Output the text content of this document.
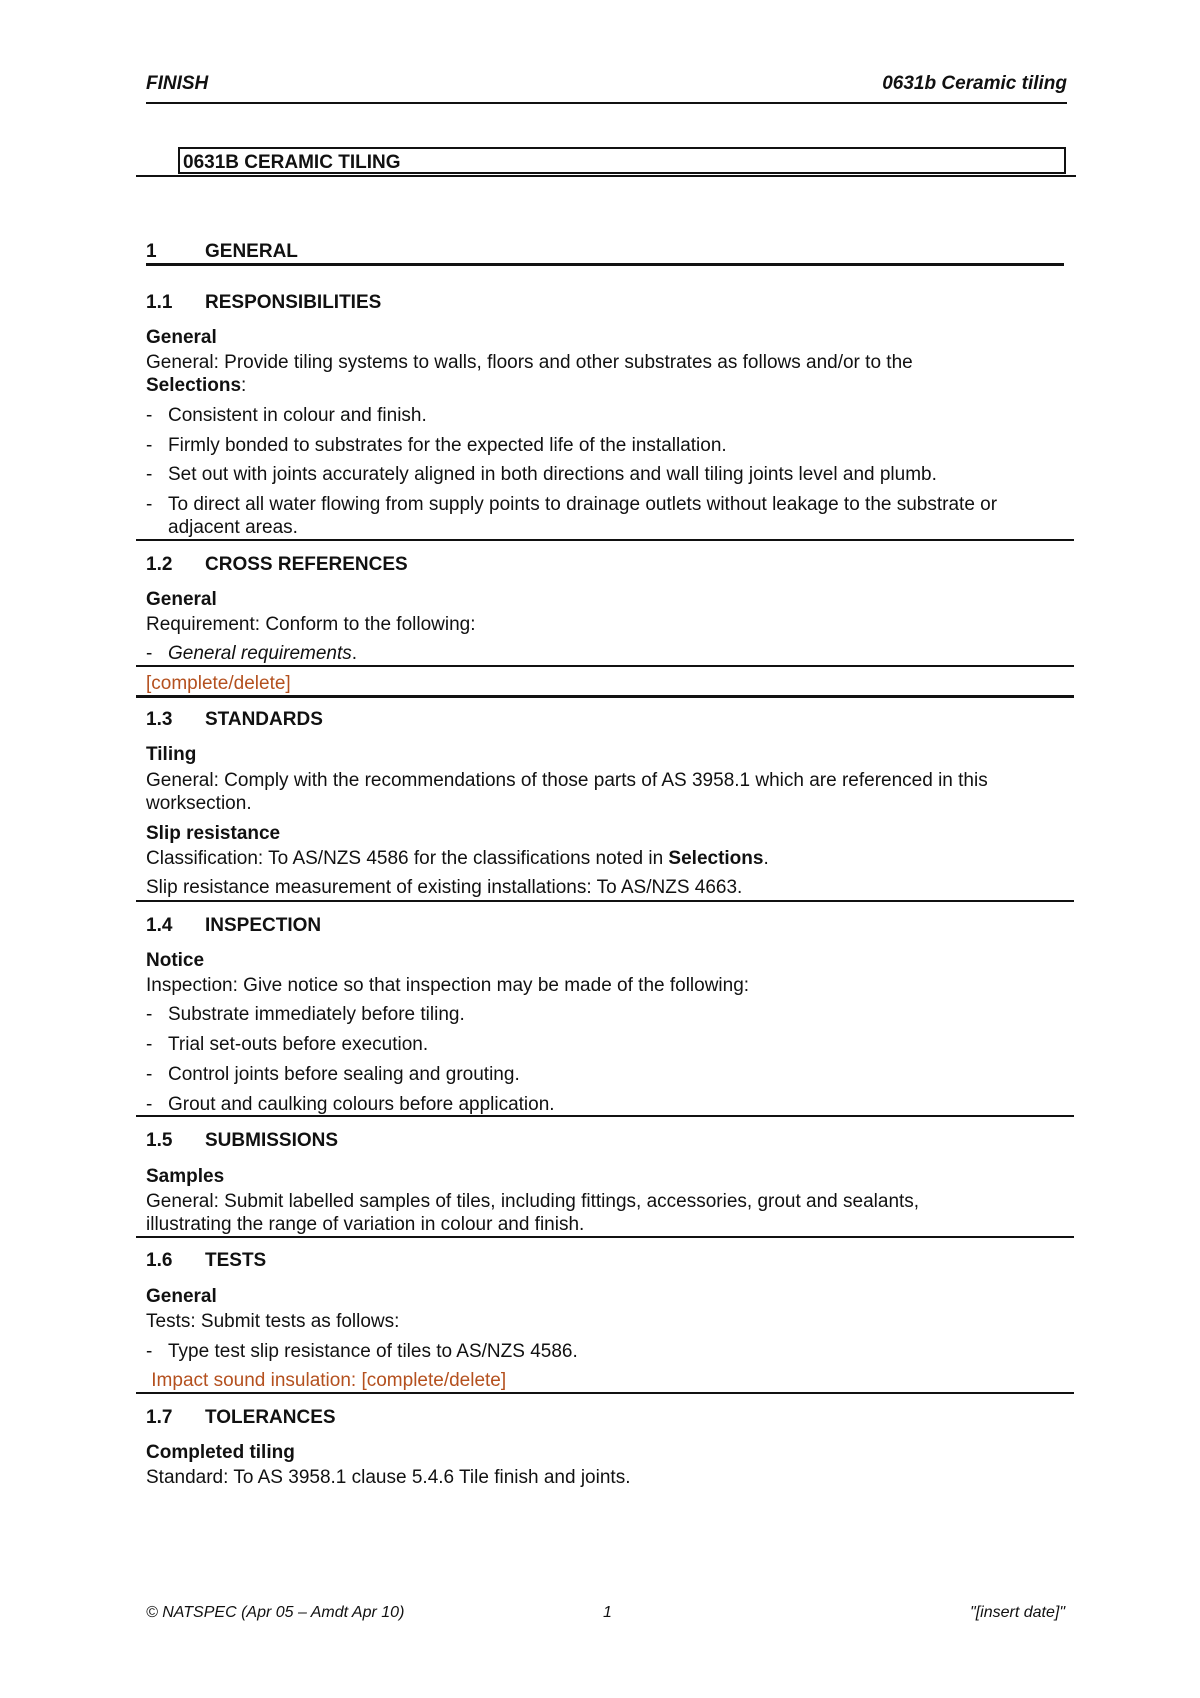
FINISH	0631b Ceramic tiling
0631B CERAMIC TILING
1	GENERAL
1.1 RESPONSIBILITIES
General
General: Provide tiling systems to walls, floors and other substrates as follows and/or to the
Selections:
- Consistent in colour and finish.
- Firmly bonded to substrates for the expected life of the installation.
- Set out with joints accurately aligned in both directions and wall tiling joints level and plumb.
- To direct all water flowing from supply points to drainage outlets without leakage to the substrate or
adjacent areas.
1.2 CROSS REFERENCES
General
Requirement: Conform to the following:
- General requirements.
[complete/delete]
1.3 STANDARDS
Tiling
General: Comply with the recommendations of those parts of AS 3958.1 which are referenced in this
worksection.
Slip resistance
Classification: To AS/NZS 4586 for the classifications noted in Selections.
Slip resistance measurement of existing installations: To AS/NZS 4663.
1.4 INSPECTION
Notice
Inspection: Give notice so that inspection may be made of the following:
- Substrate immediately before tiling.
- Trial set-outs before execution.
- Control joints before sealing and grouting.
- Grout and caulking colours before application.
1.5 SUBMISSIONS
Samples
General: Submit labelled samples of tiles, including fittings, accessories, grout and sealants,
illustrating the range of variation in colour and finish.
1.6 TESTS
General
Tests: Submit tests as follows:
- Type test slip resistance of tiles to AS/NZS 4586.
Impact sound insulation: [complete/delete]
1.7 TOLERANCES
Completed tiling
Standard: To AS 3958.1 clause 5.4.6 Tile finish and joints.
© NATSPEC (Apr 05 – Amdt Apr 10)	1	"[insert date]"
